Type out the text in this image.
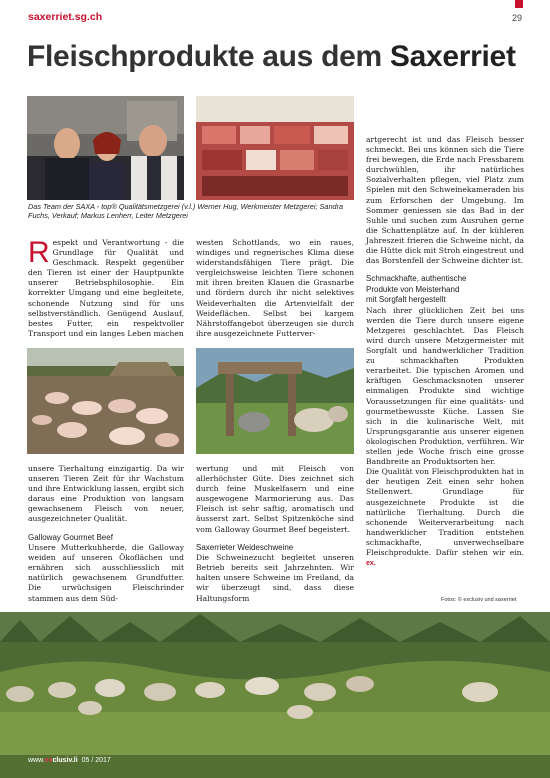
saxerriet.sg.ch	29
Fleischprodukte aus dem Saxerriet
Das Team der SAXA - top® Qualitätsmetzgerei (v.l.) Werner Hug, Werkmeister Metzgerei; Sandra Fuchs, Verkauf; Markus Lenherr, Leiter Metzgerei

Respekt und Verantwortung - die Grundlage für Qualität und Geschmack. Respekt gegenüber den Tieren ist einer der Hauptpunkte unserer Betriebsphilosophie. Ein korrekter Umgang und eine begleitete, schonende Nutzung sind für uns selbstverständlich. Genügend Auslauf, bestes Futter, ein respektvoller Transport und ein langes Leben machen

unsere Tierhaltung einzigartig. Da wir unseren Tieren Zeit für ihr Wachstum und ihre Entwicklung lassen, ergibt sich daraus eine Produktion von langsam gewachsenem Fleisch von neuer, ausgezeichneter Qualität.

Galloway Gourmet Beef

Unsere Mutterkuhherde, die Galloway weiden auf unseren Ökoflächen und ernähren sich ausschliesslich mit natürlich gewachsenem Grundfutter. Die urwüchsigen Fleischrinder stammen aus dem Süd-

westen Schottlands, wo ein raues, windiges und regnerisches Klima diese widerstandsfähigen Tiere prägt. Die vergleichsweise leichten Tiere schonen mit ihren breiten Klauen die Grasnarbe und fördern durch ihr nicht selektives Weideverhalten die Artenvielfalt der Weideflächen. Selbst bei kargem Nährstoffangebot überzeugen sie durch ihre ausgezeichnete Futterver-

wertung und mit Fleisch von allerhöchster Güte. Dies zeichnet sich durch feine Muskelfasern und eine ausgewogene Marmorierung aus. Das Fleisch ist sehr saftig, aromatisch und äusserst zart. Selbst Spitzenköche sind vom Galloway Gourmet Beef begeistert.

Saxerrieter Weideschweine

Die Schweinezucht begleitet unseren Betrieb bereits seit Jahrzehnten. Wir halten unsere Schweine im Freiland, da wir überzeugt sind, dass diese Haltungsform

artgerecht ist und das Fleisch besser schmeckt. Bei uns können sich die Tiere frei bewegen, die Erde nach Fressbarem durchwühlen, ihr natürliches Sozialverhalten pflegen, viel Platz zum Spielen mit den Schweinekameraden bis zum Erforschen der Umgebung. Im Sommer geniessen sie das Bad in der Suhle und suchen zum Ausruhen gerne die Schattenplätze auf. In der kühleren Jahreszeit frieren die Schweine nicht, da die Hütte dick mit Stroh eingestreut und das Borstenfell der Schweine dichter ist.

Schmackhafte, authentische
Produkte von Meisterhand
mit Sorgfalt hergestellt

Nach ihrer glücklichen Zeit bei uns werden die Tiere durch unsere eigene Metzgerei geschlachtet. Das Fleisch wird durch unsere Metzgermeister mit Sorgfalt und handwerklicher Tradition zu schmackhaften Produkten verarbeitet. Die typischen Aromen und kräftigen Geschmacksnoten unserer einmaligen Produkte sind wichtige Voraussetzungen für eine qualitäts- und gourmetbewusste Küche. Lassen Sie sich in die kulinarische Welt, mit Ursprungsgarantie aus unserer eigenen ökologischen Produktion, verführen. Wir stellen jede Woche frisch eine grosse Bandbreite an Produktsorten her.

Die Qualität von Fleischprodukten hat in der heutigen Zeit einen sehr hohen Stellenwert. Grundlage für ausgezeichnete Produkte ist die natürliche Tierhaltung. Durch die schonende Weiterverarbeitung nach handwerklicher Tradition entstehen schmackhafte, unverwechselbare Fleischprodukte. Dafür stehen wir ein. ex.

Fotos: © exclusiv und saxerriet
www.exclusiv.li 05 / 2017
